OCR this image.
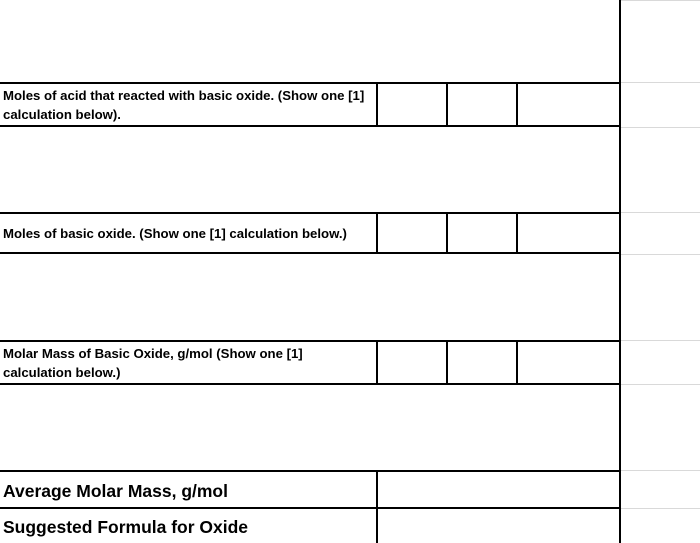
Moles of acid that reacted with basic oxide. (Show one [1] calculation below).
Moles of basic oxide. (Show one [1] calculation below.)
Molar Mass of Basic Oxide, g/mol (Show one [1] calculation below.)
Average Molar Mass, g/mol
Suggested Formula for Oxide
